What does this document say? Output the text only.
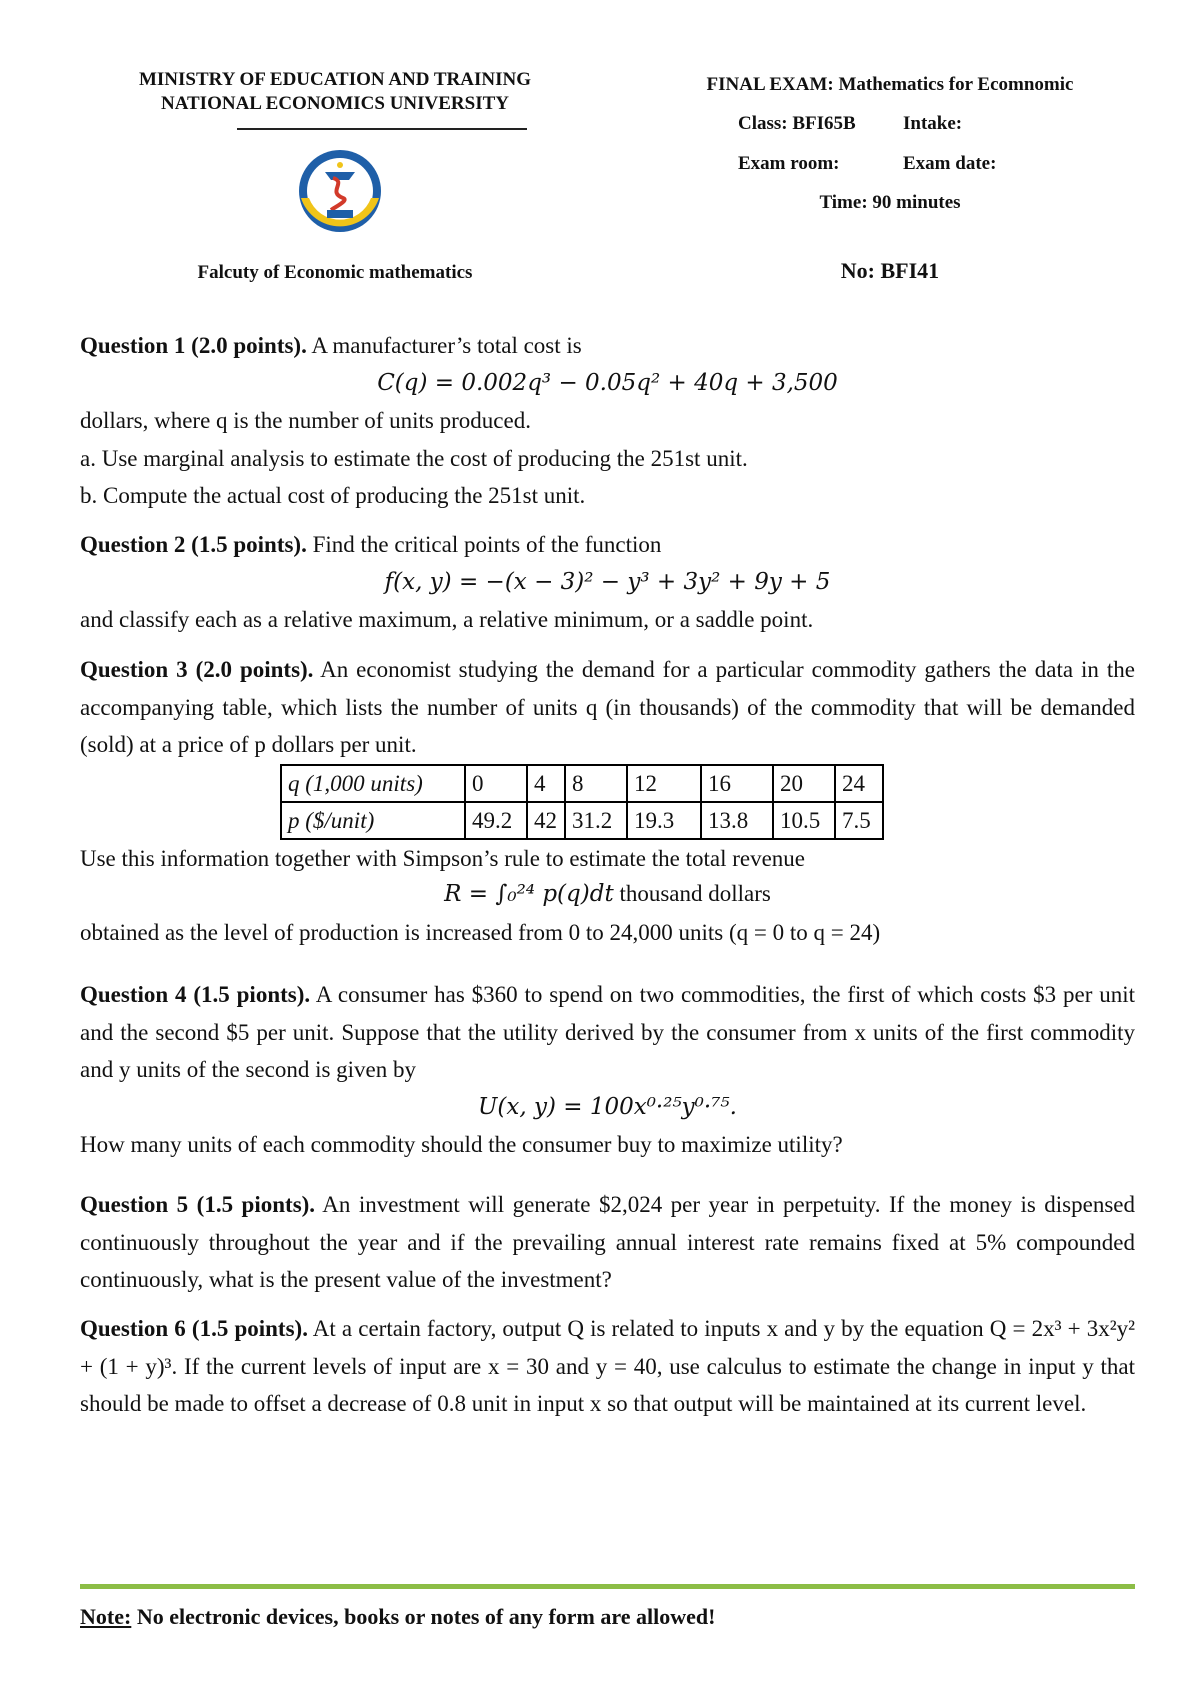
MINISTRY OF EDUCATION AND TRAINING
NATIONAL ECONOMICS UNIVERSITY
Falcuty of Economic mathematics
FINAL EXAM: Mathematics for Ecomnomic
Class: BFI65B Intake:
Exam room:	Exam date:
Time: 90 minutes
No: BFI41

Question 1 (2.0 points). A manufacturer’s total cost is

C(q) = 0.002q³ − 0.05q² + 40q + 3,500

dollars, where q is the number of units produced.

a. Use marginal analysis to estimate the cost of producing the 251st unit.

b. Compute the actual cost of producing the 251st unit.

Question 2 (1.5 points). Find the critical points of the function

f(x, y) = −(x − 3)² − y³ + 3y² + 9y + 5

and classify each as a relative maximum, a relative minimum, or a saddle point.

Question 3 (2.0 points). An economist studying the demand for a particular commodity gathers the data in the accompanying table, which lists the number of units q (in thousands) of the commodity that will be demanded (sold) at a price of p dollars per unit.

q (1,000 units)	0	4	8	12	16	20	24
p ($/unit)	49.2	42	31.2	19.3	13.8	10.5	7.5

Use this information together with Simpson’s rule to estimate the total revenue

R = ∫₀²⁴ p(q)dt thousand dollars

obtained as the level of production is increased from 0 to 24,000 units (q = 0 to q = 24)

Question 4 (1.5 pionts). A consumer has $360 to spend on two commodities, the first of which costs $3 per unit and the second $5 per unit. Suppose that the utility derived by the consumer from x units of the first commodity and y units of the second is given by

U(x, y) = 100x⁰·²⁵y⁰·⁷⁵.

How many units of each commodity should the consumer buy to maximize utility?

Question 5 (1.5 pionts). An investment will generate $2,024 per year in perpetuity. If the money is dispensed continuously throughout the year and if the prevailing annual interest rate remains fixed at 5% compounded continuously, what is the present value of the investment?

Question 6 (1.5 points). At a certain factory, output Q is related to inputs x and y by the equation Q = 2x³ + 3x²y² + (1 + y)³. If the current levels of input are x = 30 and y = 40, use calculus to estimate the change in input y that should be made to offset a decrease of 0.8 unit in input x so that output will be maintained at its current level.

Note: No electronic devices, books or notes of any form are allowed!
